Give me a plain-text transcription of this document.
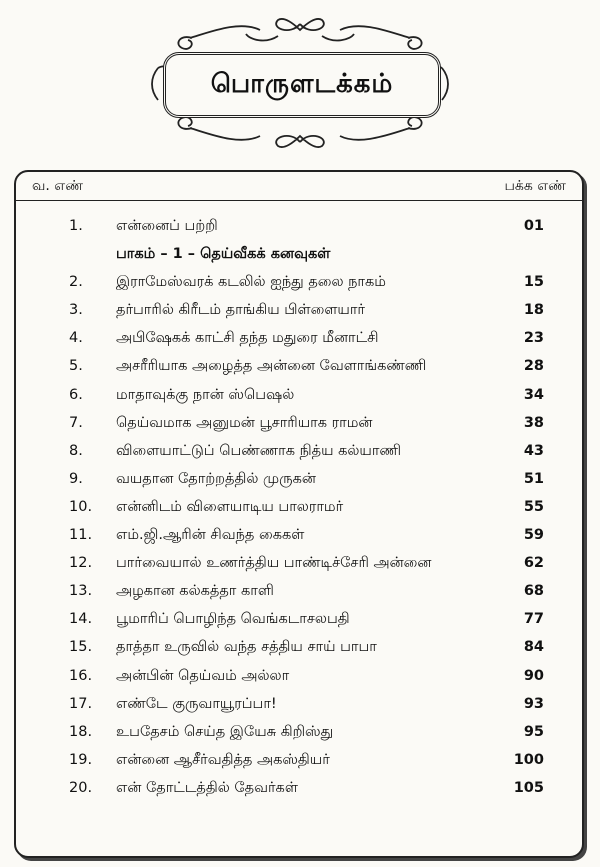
பொருளடக்கம்
வ. எண்	பக்க எண்
1. என்னைப் பற்றி	01
பாகம் – 1 – தெய்வீகக் கனவுகள்
2. இராமேஸ்வரக் கடலில் ஐந்து தலை நாகம்	15
3. தர்பாரில் கிரீடம் தாங்கிய பிள்ளையார்	18
4. அபிஷேகக் காட்சி தந்த மதுரை மீனாட்சி	23
5. அசரீரியாக அழைத்த அன்னை வேளாங்கண்ணி	28
6. மாதாவுக்கு நான் ஸ்பெஷல்	34
7. தெய்வமாக அனுமன் பூசாரியாக ராமன்	38
8. விளையாட்டுப் பெண்ணாக நித்ய கல்யாணி	43
9. வயதான தோற்றத்தில் முருகன்	51
10. என்னிடம் விளையாடிய பாலராமர்	55
11. எம்.ஜி.ஆரின் சிவந்த கைகள்	59
12. பார்வையால் உணர்த்திய பாண்டிச்சேரி அன்னை	62
13. அழகான கல்கத்தா காளி	68
14. பூமாரிப் பொழிந்த வெங்கடாசலபதி	77
15. தாத்தா உருவில் வந்த சத்திய சாய் பாபா	84
16. அன்பின் தெய்வம் அல்லா	90
17. எண்டே குருவாயூரப்பா!	93
18. உபதேசம் செய்த இயேசு கிறிஸ்து	95
19. என்னை ஆசீர்வதித்த அகஸ்தியர்	100
20. என் தோட்டத்தில் தேவர்கள்	105
